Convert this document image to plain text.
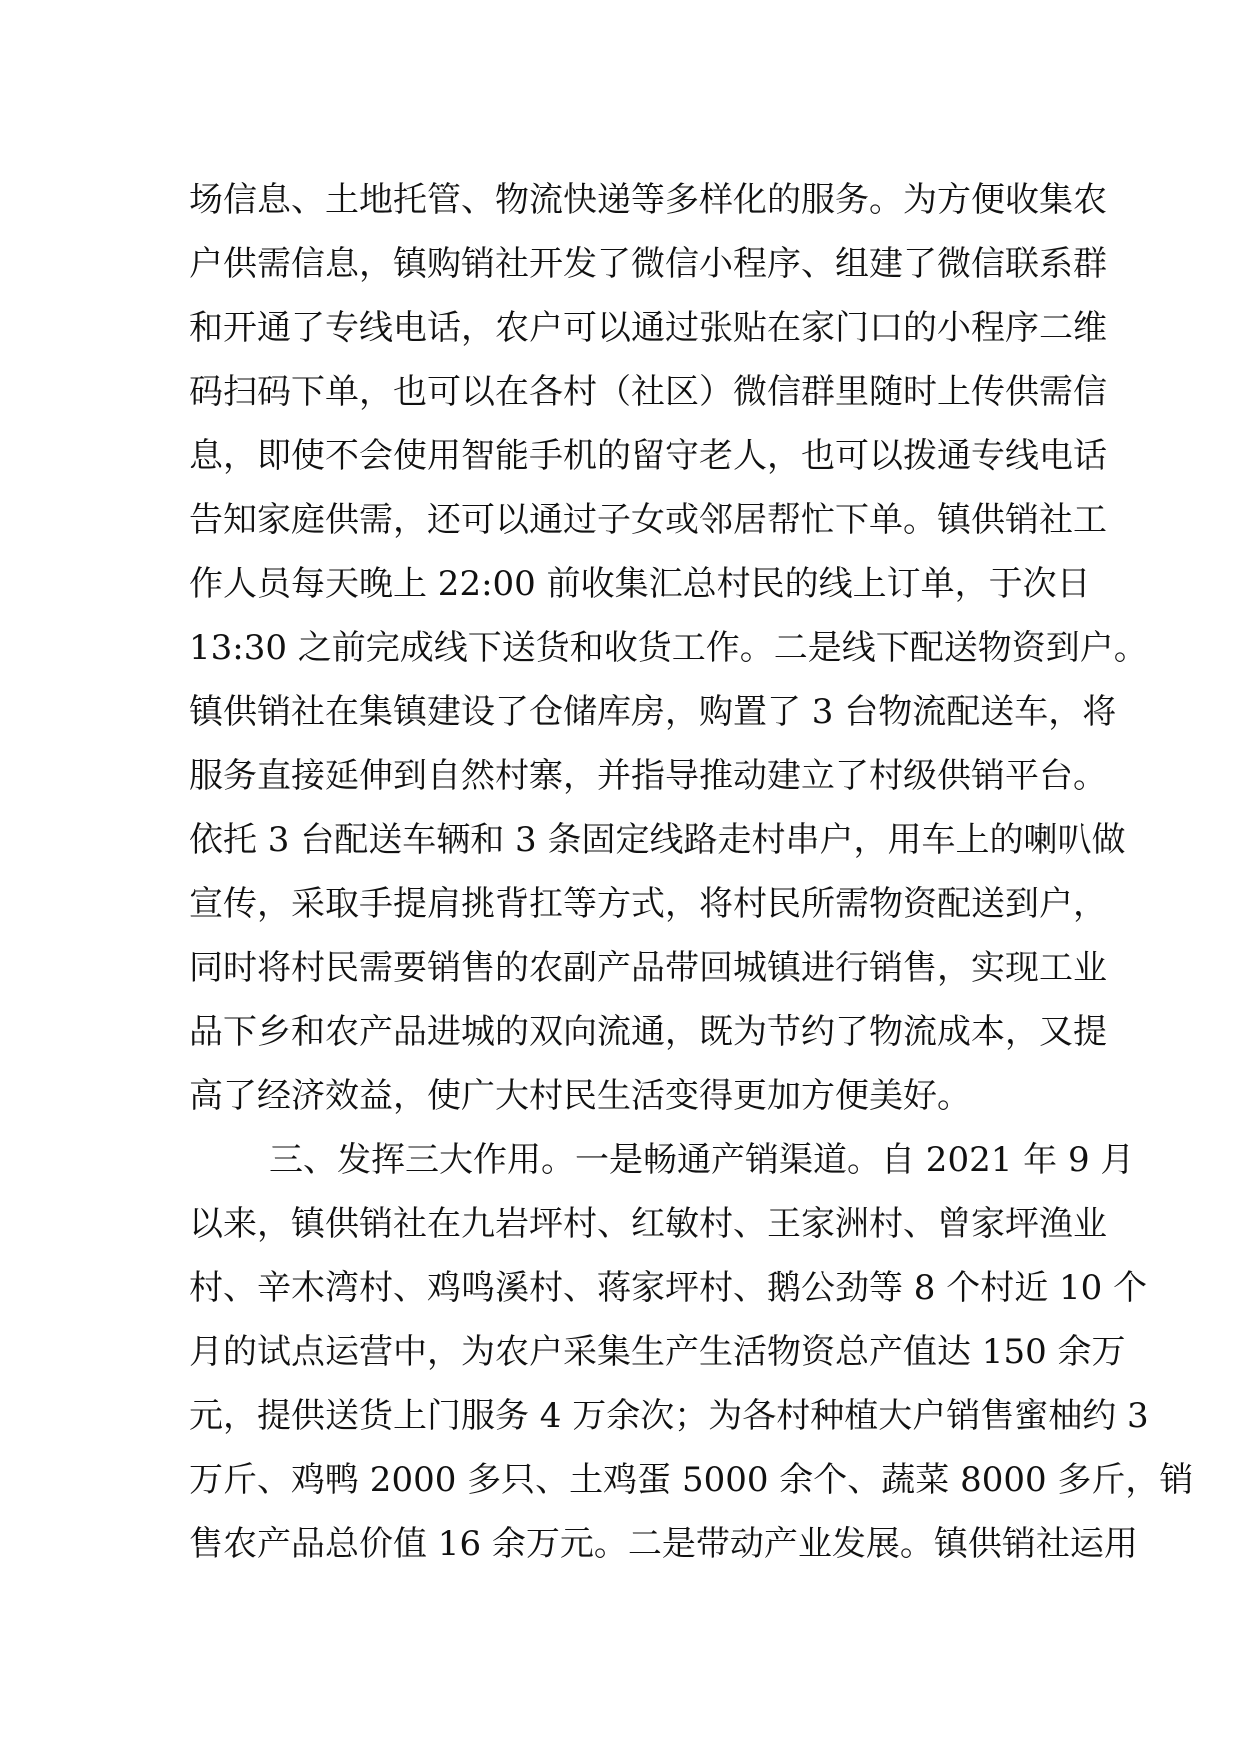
场信息、土地托管、物流快递等多样化的服务。为方便收集农
户供需信息，镇购销社开发了微信小程序、组建了微信联系群
和开通了专线电话，农户可以通过张贴在家门口的小程序二维
码扫码下单，也可以在各村（社区）微信群里随时上传供需信
息，即使不会使用智能手机的留守老人，也可以拨通专线电话
告知家庭供需，还可以通过子女或邻居帮忙下单。镇供销社工
作人员每天晚上 22:00 前收集汇总村民的线上订单，于次日
13:30 之前完成线下送货和收货工作。二是线下配送物资到户。
镇供销社在集镇建设了仓储库房，购置了 3 台物流配送车，将
服务直接延伸到自然村寨，并指导推动建立了村级供销平台。
依托 3 台配送车辆和 3 条固定线路走村串户，用车上的喇叭做
宣传，采取手提肩挑背扛等方式，将村民所需物资配送到户，
同时将村民需要销售的农副产品带回城镇进行销售，实现工业
品下乡和农产品进城的双向流通，既为节约了物流成本，又提
高了经济效益，使广大村民生活变得更加方便美好。
三、发挥三大作用。一是畅通产销渠道。自 2021 年 9 月
以来，镇供销社在九岩坪村、红敏村、王家洲村、曾家坪渔业
村、辛木湾村、鸡鸣溪村、蒋家坪村、鹅公劲等 8 个村近 10 个
月的试点运营中，为农户采集生产生活物资总产值达 150 余万
元，提供送货上门服务 4 万余次；为各村种植大户销售蜜柚约 3
万斤、鸡鸭 2000 多只、土鸡蛋 5000 余个、蔬菜 8000 多斤，销
售农产品总价值 16 余万元。二是带动产业发展。镇供销社运用
